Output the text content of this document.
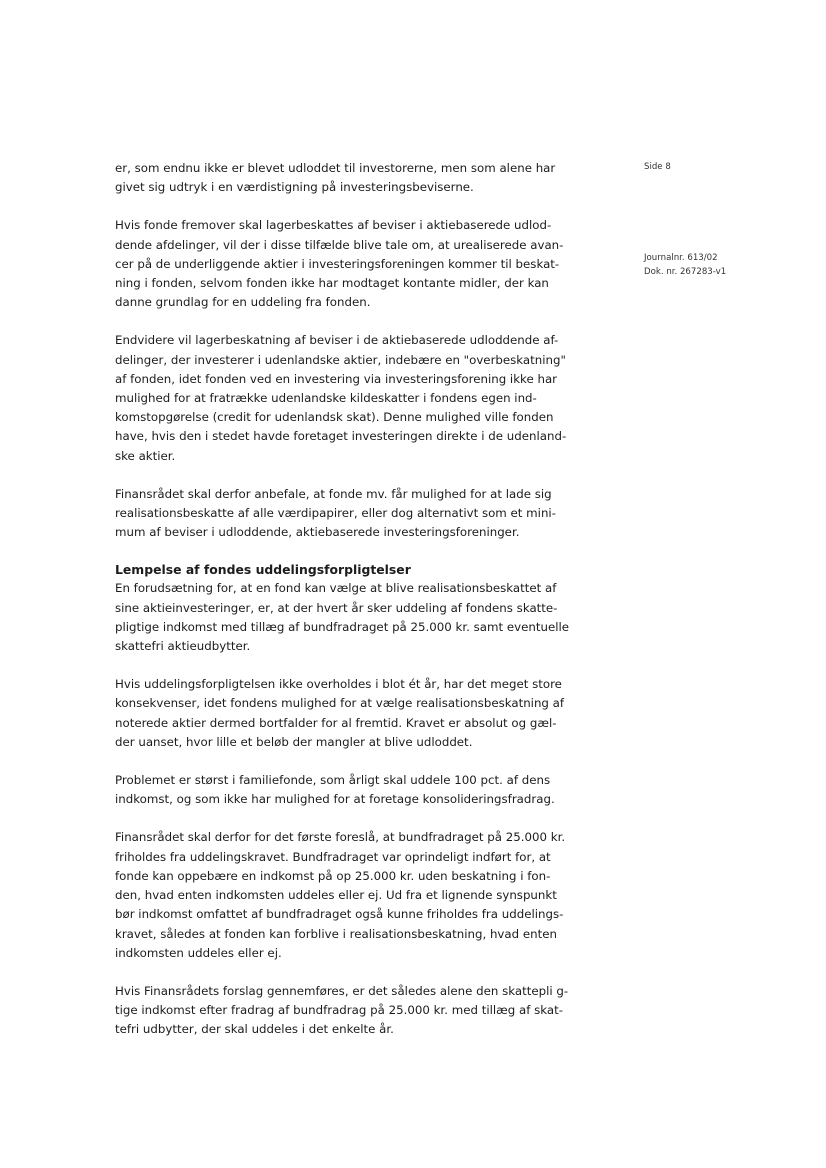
Side 8
Journalnr. 613/02
Dok. nr. 267283-v1

er, som endnu ikke er blevet udloddet til investorerne, men som alene har
givet sig udtryk i en værdistigning på investeringsbeviserne.

Hvis fonde fremover skal lagerbeskattes af beviser i aktiebaserede udlod-
dende afdelinger, vil der i disse tilfælde blive tale om, at urealiserede avan-
cer på de underliggende aktier i investeringsforeningen kommer til beskat-
ning i fonden, selvom fonden ikke har modtaget kontante midler, der kan
danne grundlag for en uddeling fra fonden.

Endvidere vil lagerbeskatning af beviser i de aktiebaserede udloddende af-
delinger, der investerer i udenlandske aktier, indebære en "overbeskatning"
af fonden, idet fonden ved en investering via investeringsforening ikke har
mulighed for at fratrække udenlandske kildeskatter i fondens egen ind-
komstopgørelse (credit for udenlandsk skat). Denne mulighed ville fonden
have, hvis den i stedet havde foretaget investeringen direkte i de udenland-
ske aktier.

Finansrådet skal derfor anbefale, at fonde mv. får mulighed for at lade sig
realisationsbeskatte af alle værdipapirer, eller dog alternativt som et mini-
mum af beviser i udloddende, aktiebaserede investeringsforeninger.

Lempelse af fondes uddelingsforpligtelser

En forudsætning for, at en fond kan vælge at blive realisationsbeskattet af
sine aktieinvesteringer, er, at der hvert år sker uddeling af fondens skatte-
pligtige indkomst med tillæg af bundfradraget på 25.000 kr. samt eventuelle
skattefri aktieudbytter.

Hvis uddelingsforpligtelsen ikke overholdes i blot ét år, har det meget store
konsekvenser, idet fondens mulighed for at vælge realisationsbeskatning af
noterede aktier dermed bortfalder for al fremtid. Kravet er absolut og gæl-
der uanset, hvor lille et beløb der mangler at blive udloddet.

Problemet er størst i familiefonde, som årligt skal uddele 100 pct. af dens
indkomst, og som ikke har mulighed for at foretage konsolideringsfradrag.

Finansrådet skal derfor for det første foreslå, at bundfradraget på 25.000 kr.
friholdes fra uddelingskravet. Bundfradraget var oprindeligt indført for, at
fonde kan oppebære en indkomst på op 25.000 kr. uden beskatning i fon-
den, hvad enten indkomsten uddeles eller ej. Ud fra et lignende synspunkt
bør indkomst omfattet af bundfradraget også kunne friholdes fra uddelings-
kravet, således at fonden kan forblive i realisationsbeskatning, hvad enten
indkomsten uddeles eller ej.

Hvis Finansrådets forslag gennemføres, er det således alene den skattepli g-
tige indkomst efter fradrag af bundfradrag på 25.000 kr. med tillæg af skat-
tefri udbytter, der skal uddeles i det enkelte år.
